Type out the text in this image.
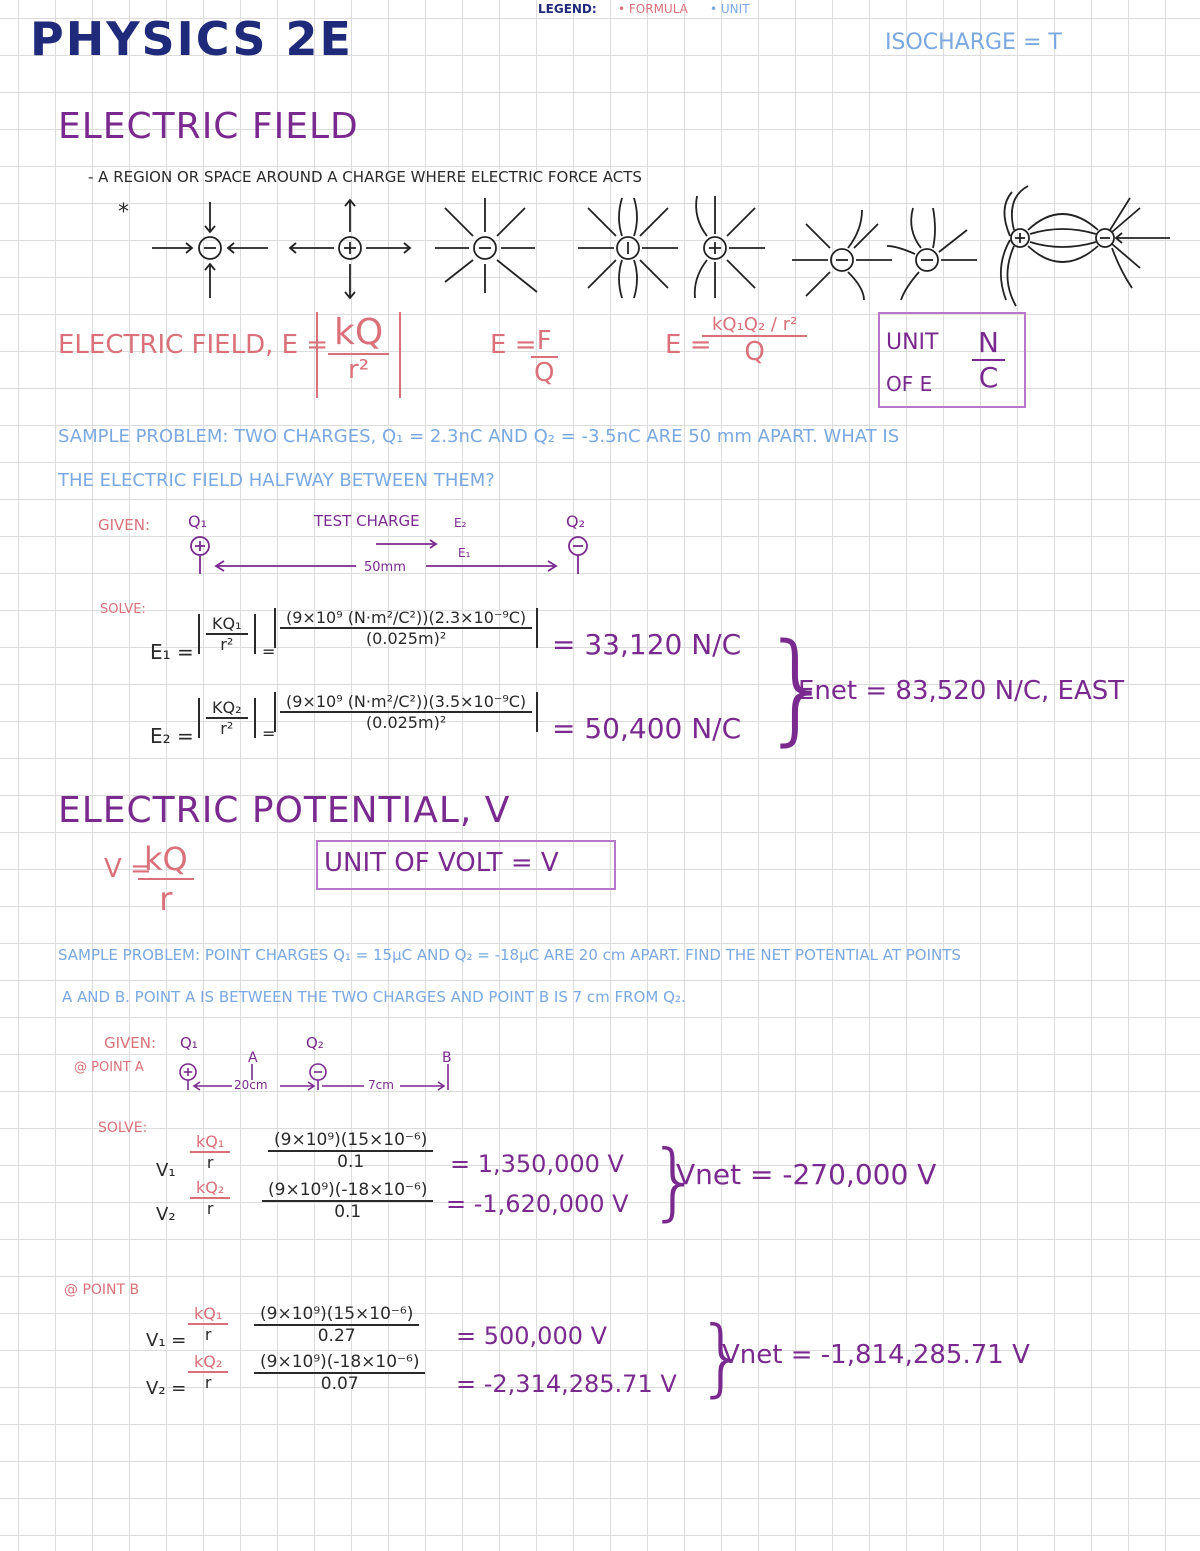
PHYSICS 2E
LEGEND: • FORMULA • UNIT
ISOCHARGE = T
ELECTRIC FIELD
- A REGION OR SPACE AROUND A CHARGE WHERE ELECTRIC FORCE ACTS
*
ELECTRIC FIELD, $E = \frac{kQ}{\text{r²}}$	E =
$\frac{F}{Q}$	E =
$\frac{\text{kQ₁Q₂ / r²}}{Q}$	UNIT
OF E $\frac{N}{C}$
SAMPLE PROBLEM: TWO CHARGES, Q₁ = 2.3nC AND Q₂ = -3.5nC ARE 50 mm APART. WHAT IS
THE ELECTRIC FIELD HALFWAY BETWEEN THEM?
GIVEN: Q₁	Q₂
TEST CHARGE	E₂
E₁
50mm
SOLVE:
$E_1 = \frac{\text{KQ₁}}{\text{r²}}$ =
$\frac{\text{(9×10⁹ (N·m²/C²))(2.3×10⁻⁹C)}}{\text{(0.025m)²}} = 33,120$ N/C
$E_2 = \frac{\text{KQ₂}}{\text{r²}}$ =
$\frac{\text{(9×10⁹ (N·m²/C²))(3.5×10⁻⁹C)}}{\text{(0.025m)²}} = 50,400$ N/C }
Enet = 83,520 N/C, EAST
ELECTRIC POTENTIAL, V
V =
$\frac{kQ}{r}$	UNIT OF VOLT = V
SAMPLE PROBLEM: POINT CHARGES Q₁ = 15μC AND Q₂ = -18μC ARE 20 cm APART. FIND THE NET POTENTIAL AT POINTS
A AND B. POINT A IS BETWEEN THE TWO CHARGES AND POINT B IS 7 cm FROM Q₂.
GIVEN:
@ POINT A
Q₁	Q₂
A	B
20cm	7cm
SOLVE:
$V_1 \frac{\text{kQ₁}}{r} \frac{\text{(9×10⁹)(15×10⁻⁶)}}{0.1} = 1,350,000$ V
$V_2 \frac{\text{kQ₂}}{r} \frac{\text{(9×10⁹)(-18×10⁻⁶)}}{0.1} = -1,620,000$ V }
Vnet = -270,000 V
@ POINT B
$V_1 = \frac{\text{kQ₁}}{r} \frac{\text{(9×10⁹)(15×10⁻⁶)}}{0.27} = 500,000$ V
$V_2 = \frac{\text{kQ₂}}{r} \frac{\text{(9×10⁹)(-18×10⁻⁶)}}{0.07} = -2,314,285.71$ V }
Vnet = -1,814,285.71 V
